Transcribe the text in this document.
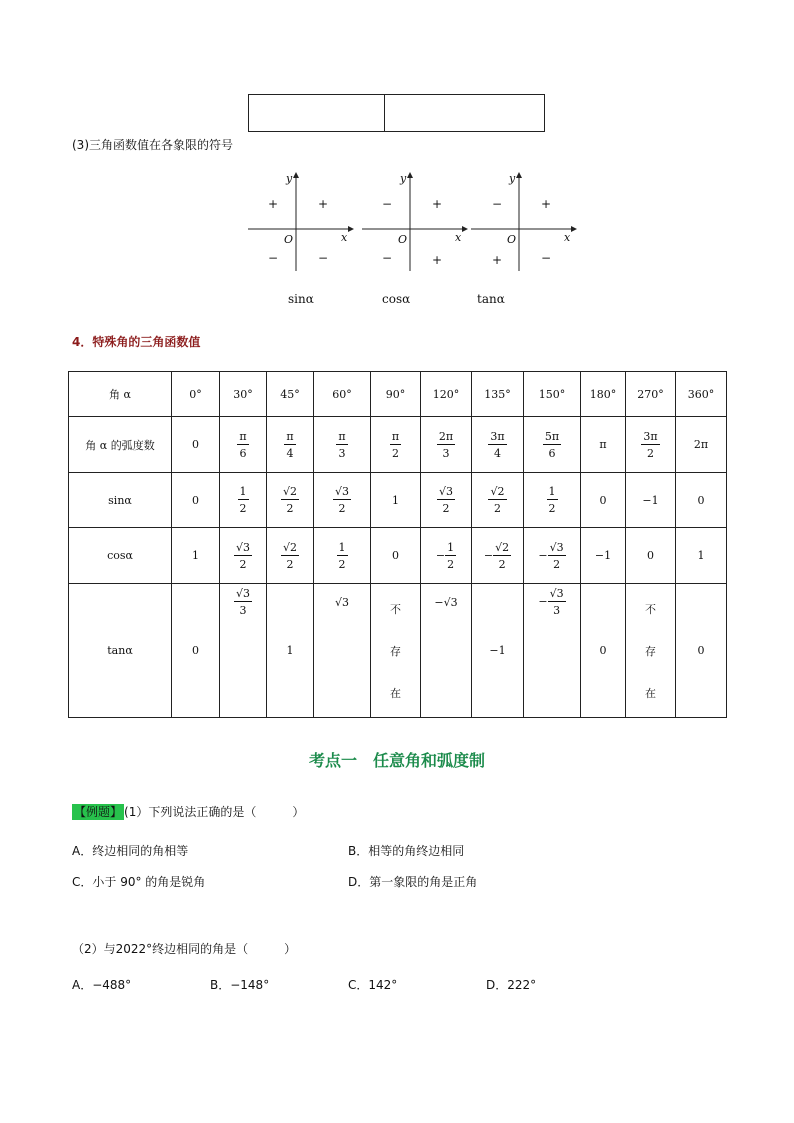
(3)三角函数值在各象限的符号
y
x
O
+	+
−	−
sinα
y
x
O
−	+
−	+
cosα
y
x
O
−	+
+	−
tanα
4．特殊角的三角函数值
角 α	0°	30°	45°	60°	90°	120°	135°	150°	180°	270°	360°
角 α 的弧度数	0	$\frac{\pi}{6}$	$\frac{\pi}{4}$	$\frac{\pi}{3}$	$\frac{\pi}{2}$	$\frac{2\pi}{3}$	$\frac{3\pi}{4}$	$\frac{5\pi}{6}$	π	$\frac{3\pi}{2}$	2π
sinα	0	$\frac{1}{2}$	$\frac{√2}{2}$	$\frac{√3}{2}$	1	$\frac{√3}{2}$	$\frac{√2}{2}$	$\frac{1}{2}$	0	−1	0
cosα	1	$\frac{√3}{2}$	$\frac{√2}{2}$	$\frac{1}{2}$	0	− $\frac{1}{2}$	− $\frac{√2}{2}$	− $\frac{√3}{2}$	−1	0	1
tanα	0	$\frac{√3}{3}$	1	√3	不
存
在	−√3	−1	− $\frac{√3}{3}$	0	不
存
在	0
考点一　任意角和弧度制
【例题】 (1）下列说法正确的是（　　　）
A．终边相同的角相等	B．相等的角终边相同
C．小于 90° 的角是锐角	D．第一象限的角是正角
（2）与2022°终边相同的角是（　　　）
A．−488°	B．−148°	C．142°	D．222°
